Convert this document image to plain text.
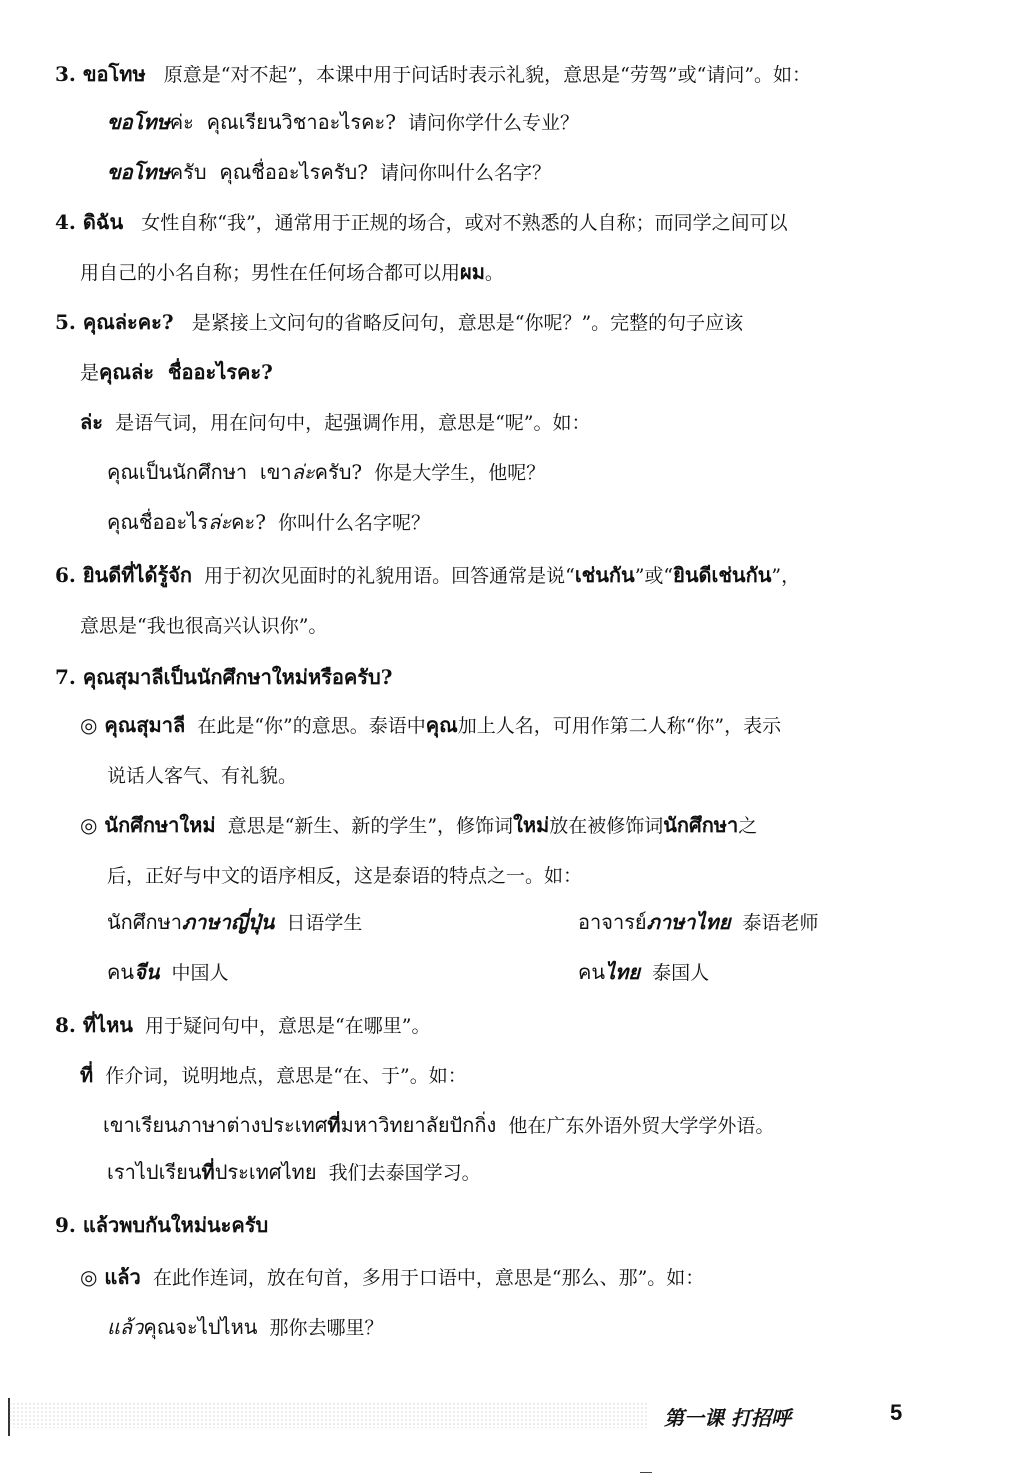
3. ขอโทษ   原意是“对不起”，本课中用于问话时表示礼貌，意思是“劳驾”或“请问”。如：
ขอโทษค่ะ  คุณเรียนวิชาอะไรคะ?  请问你学什么专业？
ขอโทษครับ  คุณชื่ออะไรครับ?  请问你叫什么名字？
4. ดิฉัน   女性自称“我”，通常用于正规的场合，或对不熟悉的人自称；而同学之间可以
用自己的小名自称；男性在任何场合都可以用ผม。
5. คุณล่ะคะ?   是紧接上文问句的省略反问句，意思是“你呢？”。完整的句子应该
是คุณล่ะ  ชื่ออะไรคะ?
ล่ะ  是语气词，用在问句中，起强调作用，意思是“呢”。如：
คุณเป็นนักศึกษา  เขาล่ะครับ?  你是大学生，他呢？
คุณชื่ออะไรล่ะคะ?  你叫什么名字呢？
6. ยินดีที่ได้รู้จัก  用于初次见面时的礼貌用语。回答通常是说“เช่นกัน”或“ยินดีเช่นกัน”，
意思是“我也很高兴认识你”。
7. คุณสุมาลีเป็นนักศึกษาใหม่หรือครับ?
◎ คุณสุมาลี  在此是“你”的意思。泰语中คุณ加上人名，可用作第二人称“你”，表示
说话人客气、有礼貌。
◎ นักศึกษาใหม่  意思是“新生、新的学生”，修饰词ใหม่放在被修饰词นักศึกษา之
后，正好与中文的语序相反，这是泰语的特点之一。如：
นักศึกษาภาษาญี่ปุ่น  日语学生	อาจารย์ภาษาไทย  泰语老师
คนจีน  中国人	คนไทย  泰国人
8. ที่ไหน  用于疑问句中，意思是“在哪里”。
ที่  作介词，说明地点，意思是“在、于”。如：
เขาเรียนภาษาต่างประเทศที่มหาวิทยาลัยปักกิ่ง  他在广东外语外贸大学学外语。
เราไปเรียนที่ประเทศไทย  我们去泰国学习。
9. แล้วพบกันใหม่นะครับ
◎ แล้ว  在此作连词，放在句首，多用于口语中，意思是“那么、那”。如：
แล้วคุณจะไปไหน  那你去哪里？
第一课 打招呼	5
